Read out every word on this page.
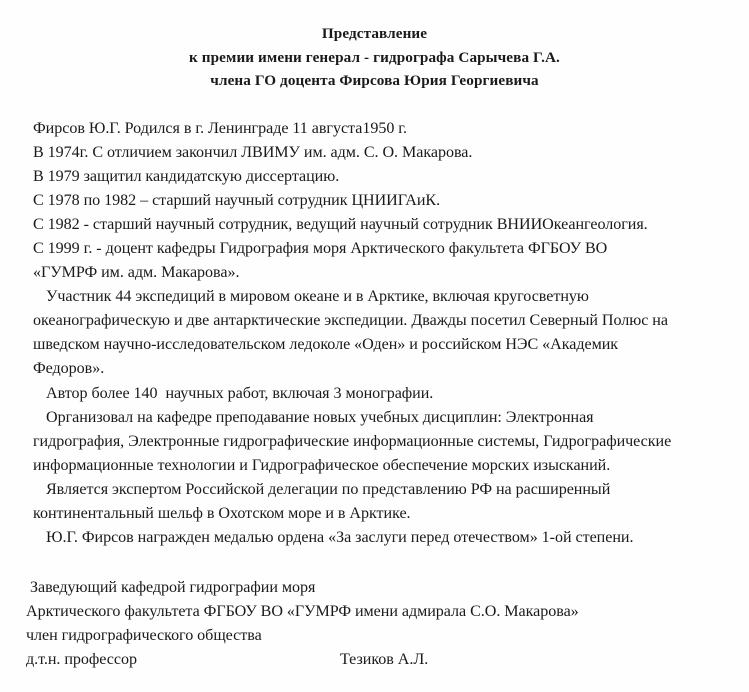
Представление
к премии имени генерал - гидрографа Сарычева Г.А.
члена ГО доцента Фирсова Юрия Георгиевича
Фирсов Ю.Г. Родился в г. Ленинграде 11 августа1950 г.
В 1974г. С отличием закончил ЛВИМУ им. адм. С. О. Макарова.
В 1979 защитил кандидатскую диссертацию.
С 1978 по 1982 – старший научный сотрудник ЦНИИГАиК.
С 1982 - старший научный сотрудник, ведущий научный сотрудник ВНИИОкеангеология.
С 1999 г. - доцент кафедры Гидрография моря Арктического факультета ФГБОУ ВО
«ГУМРФ им. адм. Макарова».
Участник 44 экспедиций в мировом океане и в Арктике, включая кругосветную
океанографическую и две антарктические экспедиции. Дважды посетил Северный Полюс на
шведском научно-исследовательском ледоколе «Оден» и российском НЭС «Академик
Федоров».
Автор более 140  научных работ, включая 3 монографии.
Организовал на кафедре преподавание новых учебных дисциплин: Электронная
гидрография, Электронные гидрографические информационные системы, Гидрографические
информационные технологии и Гидрографическое обеспечение морских изысканий.
Является экспертом Российской делегации по представлению РФ на расширенный
континентальный шельф в Охотском море и в Арктике.
Ю.Г. Фирсов награжден медалью ордена «За заслуги перед отечеством» 1-ой степени.
Заведующий кафедрой гидрографии моря
Арктического факультета ФГБОУ ВО «ГУМРФ имени адмирала С.О. Макарова»
член гидрографического общества
д.т.н. профессор	Тезиков А.Л.
